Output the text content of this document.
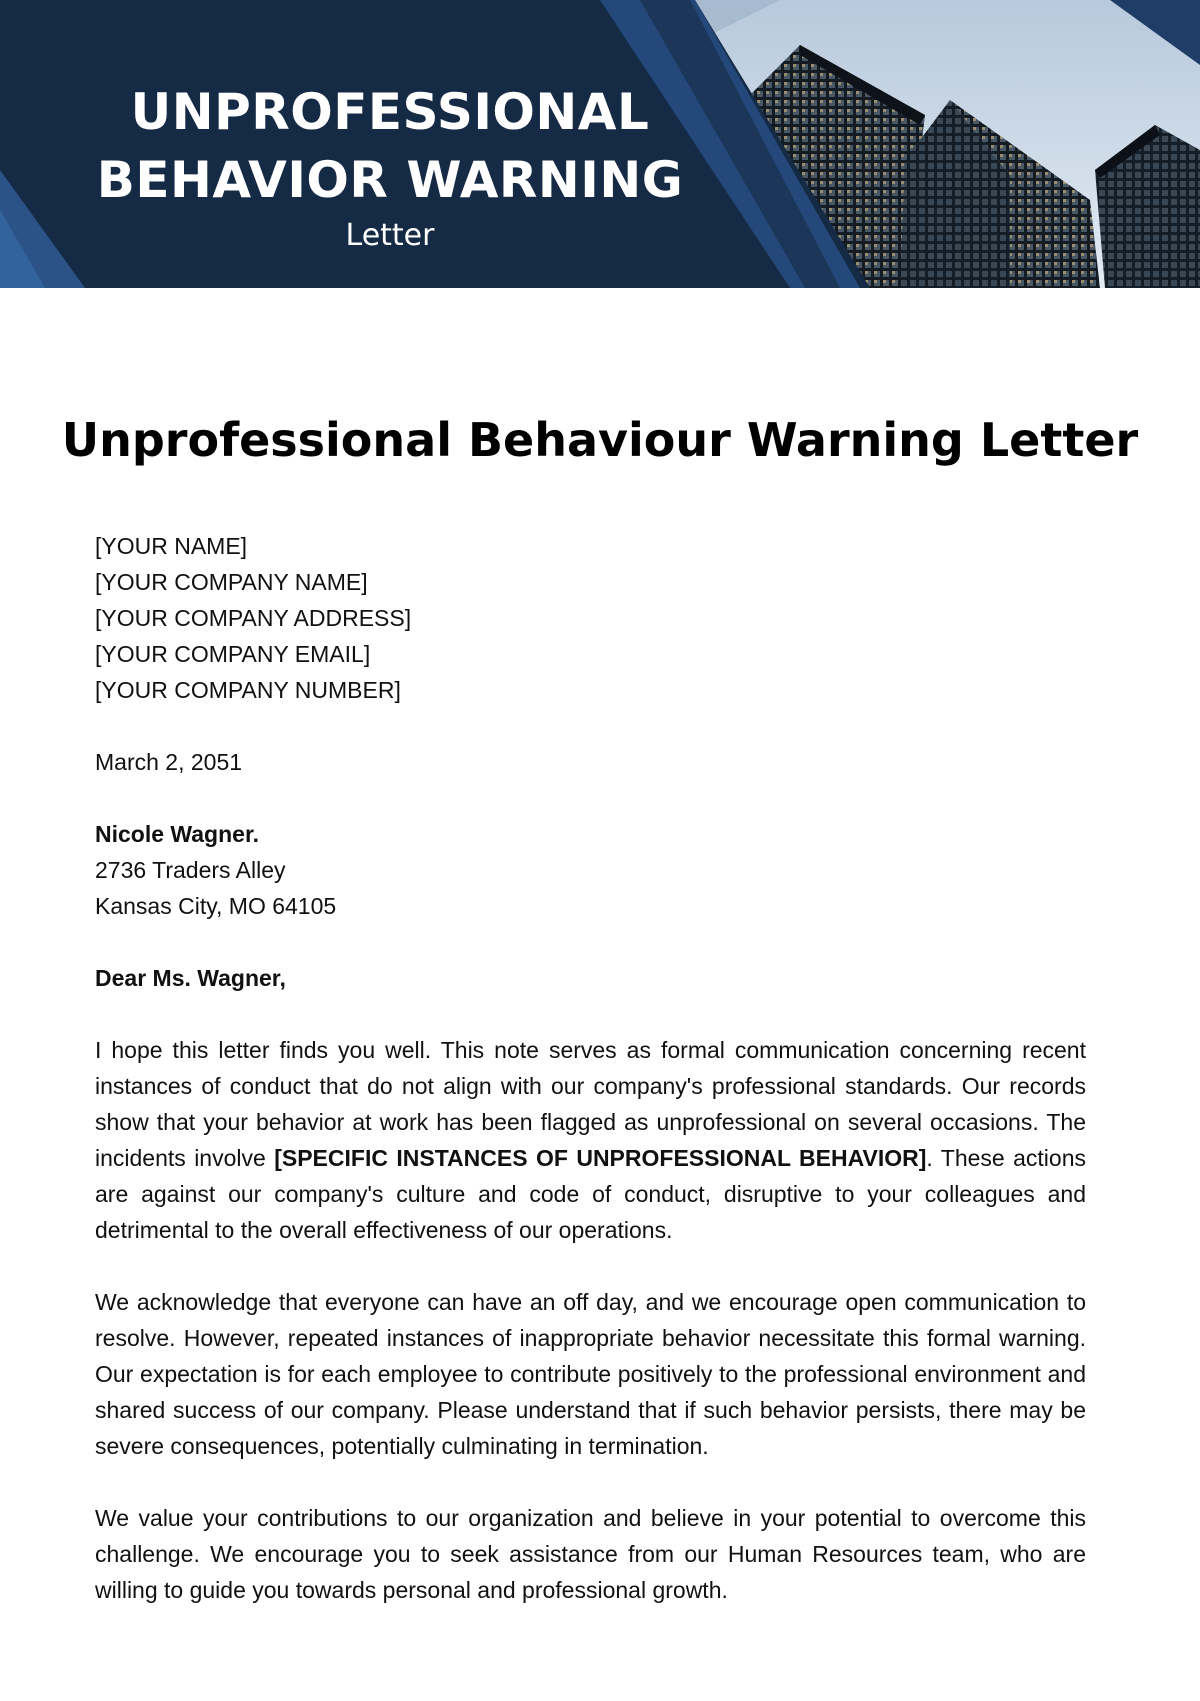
UNPROFESSIONAL
BEHAVIOR WARNING
Letter
Unprofessional Behaviour Warning Letter
[YOUR NAME]
[YOUR COMPANY NAME]
[YOUR COMPANY ADDRESS]
[YOUR COMPANY EMAIL]
[YOUR COMPANY NUMBER]
March 2, 2051
Nicole Wagner.
2736 Traders Alley
Kansas City, MO 64105
Dear Ms. Wagner,

I hope this letter finds you well. This note serves as formal communication concerning recent instances of conduct that do not align with our company's professional standards. Our records show that your behavior at work has been flagged as unprofessional on several occasions. The incidents involve [SPECIFIC INSTANCES OF UNPROFESSIONAL BEHAVIOR]. These actions are against our company's culture and code of conduct, disruptive to your colleagues and detrimental to the overall effectiveness of our operations.

We acknowledge that everyone can have an off day, and we encourage open communication to resolve. However, repeated instances of inappropriate behavior necessitate this formal warning. Our expectation is for each employee to contribute positively to the professional environment and shared success of our company. Please understand that if such behavior persists, there may be severe consequences, potentially culminating in termination.

We value your contributions to our organization and believe in your potential to overcome this challenge. We encourage you to seek assistance from our Human Resources team, who are willing to guide you towards personal and professional growth.
